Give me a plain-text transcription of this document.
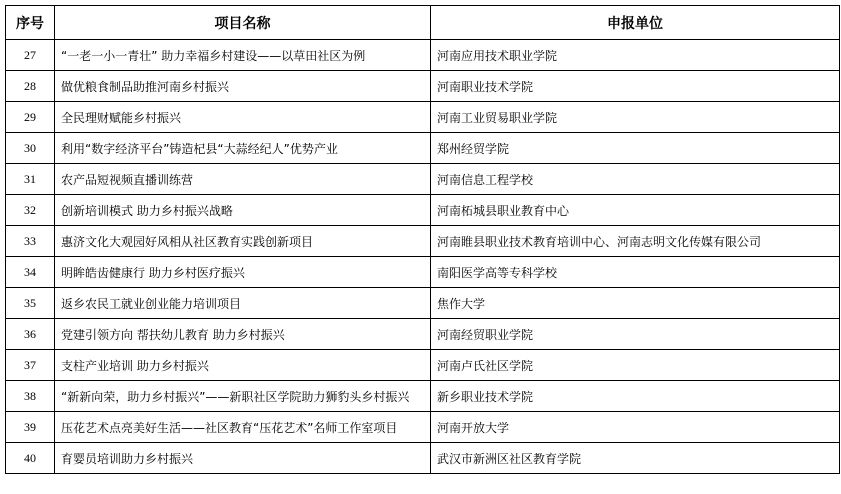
序号	项目名称	申报单位
27	“一老一小一青壮” 助力幸福乡村建设——以草田社区为例	河南应用技术职业学院
28	做优粮食制品助推河南乡村振兴	河南职业技术学院
29	全民理财赋能乡村振兴	河南工业贸易职业学院
30	利用“数字经济平台”铸造杞县“大蒜经纪人”优势产业	郑州经贸学院
31	农产品短视频直播训练营	河南信息工程学校
32	创新培训模式 助力乡村振兴战略	河南柘城县职业教育中心
33	惠济文化大观园好风相从社区教育实践创新项目	河南睢县职业技术教育培训中心、河南志明文化传媒有限公司
34	明眸皓齿健康行 助力乡村医疗振兴	南阳医学高等专科学校
35	返乡农民工就业创业能力培训项目	焦作大学
36	党建引领方向 帮扶幼儿教育 助力乡村振兴	河南经贸职业学院
37	支柱产业培训 助力乡村振兴	河南卢氏社区学院
38	“新新向荣，助力乡村振兴”——新职社区学院助力狮豹头乡村振兴	新乡职业技术学院
39	压花艺术点亮美好生活——社区教育“压花艺术”名师工作室项目	河南开放大学
40	育婴员培训助力乡村振兴	武汉市新洲区社区教育学院
